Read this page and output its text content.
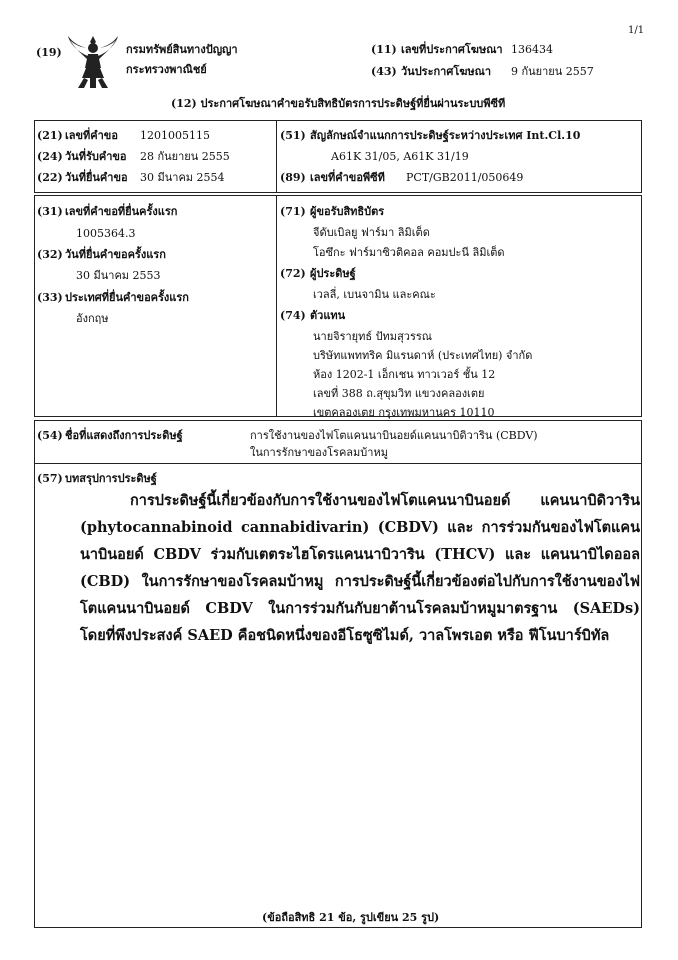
1/1
(19)	กรมทรัพย์สินทางปัญญา
กระทรวงพาณิชย์
(11) เลขที่ประกาศโฆษณา 136434
(43) วันประกาศโฆษณา 9 กันยายน 2557
(12) ประกาศโฆษณาคำขอรับสิทธิบัตรการประดิษฐ์ที่ยื่นผ่านระบบพีซีที
(21) เลขที่คำขอ 1201005115
(24) วันที่รับคำขอ 28 กันยายน 2555
(22) วันที่ยื่นคำขอ 30 มีนาคม 2554
(51) สัญลักษณ์จำแนกการประดิษฐ์ระหว่างประเทศ Int.Cl.10
A61K 31/05, A61K 31/19
(89) เลขที่คำขอพีซีที PCT/GB2011/050649
(31) เลขที่คำขอที่ยื่นครั้งแรก
1005364.3
(32) วันที่ยื่นคำขอครั้งแรก
30 มีนาคม 2553
(33) ประเทศที่ยื่นคำขอครั้งแรก
อังกฤษ
(71) ผู้ขอรับสิทธิบัตร
จีดับเบิลยู ฟาร์มา ลิมิเต็ด
โอซึกะ ฟาร์มาซิวติคอล คอมปะนี ลิมิเต็ด
(72) ผู้ประดิษฐ์
เวลลี่, เบนจามิน และคณะ
(74) ตัวแทน
นายจิรายุทธ์ ปัทมสุวรรณ
บริษัทแพททริค มิแรนดาห์ (ประเทศไทย) จำกัด
ห้อง 1202-1 เอ็กเชน ทาวเวอร์ ชั้น 12
เลขที่ 388 ถ.สุขุมวิท แขวงคลองเตย
เขตคลองเตย กรุงเทพมหานคร 10110
(54) ชื่อที่แสดงถึงการประดิษฐ์	การใช้งานของไฟโตแคนนาบินอยด์แคนนาบิดิวาริน (CBDV)
ในการรักษาของโรคลมบ้าหมู
(57) บทสรุปการประดิษฐ์
การประดิษฐ์นี้เกี่ยวข้องกับการใช้งานของไฟโตแคนนาบินอยด์ แคนนาบิดิวาริน (phytocannabinoid cannabidivarin) (CBDV) และ การร่วมกันของไฟโตแคนนาบินอยด์ CBDV ร่วมกับเตตระไฮโดรแคนนาบิวาริน (THCV) และ แคนนาบิไดออล (CBD) ในการรักษาของโรคลมบ้าหมู การประดิษฐ์นี้เกี่ยวข้องต่อไปกับการใช้งานของไฟโตแคนนาบินอยด์ CBDV ในการร่วมกันกับยาต้านโรคลมบ้าหมูมาตรฐาน (SAEDs) โดยที่พึงประสงค์ SAED คือชนิดหนึ่งของอีโธซูซิไมด์, วาลโพรเอต หรือ ฟีโนบาร์บิทัล
(ข้อถือสิทธิ 21 ข้อ, รูปเขียน 25 รูป)
